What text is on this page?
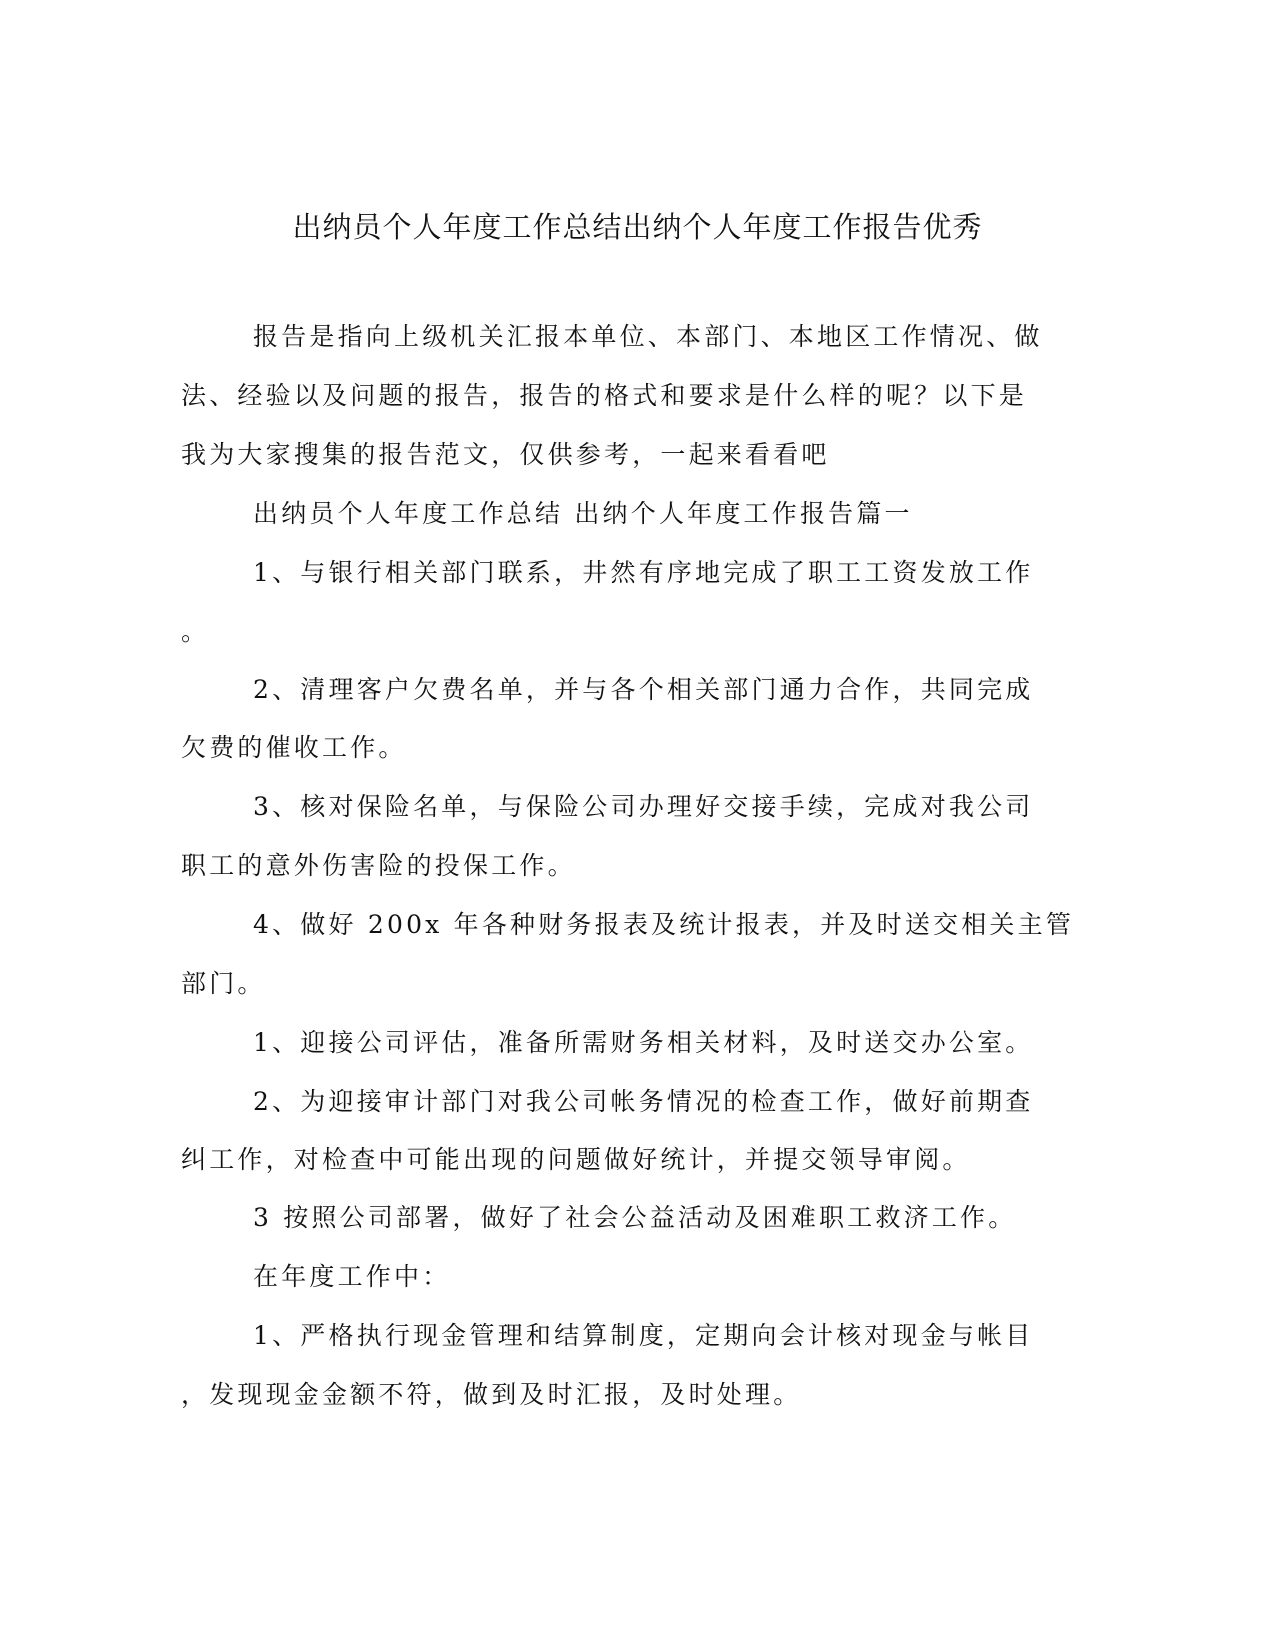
出纳员个人年度工作总结出纳个人年度工作报告优秀
报告是指向上级机关汇报本单位、本部门、本地区工作情况、做
法、经验以及问题的报告，报告的格式和要求是什么样的呢？以下是
我为大家搜集的报告范文，仅供参考，一起来看看吧
出纳员个人年度工作总结 出纳个人年度工作报告篇一
1、与银行相关部门联系，井然有序地完成了职工工资发放工作
。
2、清理客户欠费名单，并与各个相关部门通力合作，共同完成
欠费的催收工作。
3、核对保险名单，与保险公司办理好交接手续，完成对我公司
职工的意外伤害险的投保工作。
4、做好 200x 年各种财务报表及统计报表，并及时送交相关主管
部门。
1、迎接公司评估，准备所需财务相关材料，及时送交办公室。
2、为迎接审计部门对我公司帐务情况的检查工作，做好前期查
纠工作，对检查中可能出现的问题做好统计，并提交领导审阅。
3 按照公司部署，做好了社会公益活动及困难职工救济工作。
在年度工作中：
1、严格执行现金管理和结算制度，定期向会计核对现金与帐目
，发现现金金额不符，做到及时汇报，及时处理。
